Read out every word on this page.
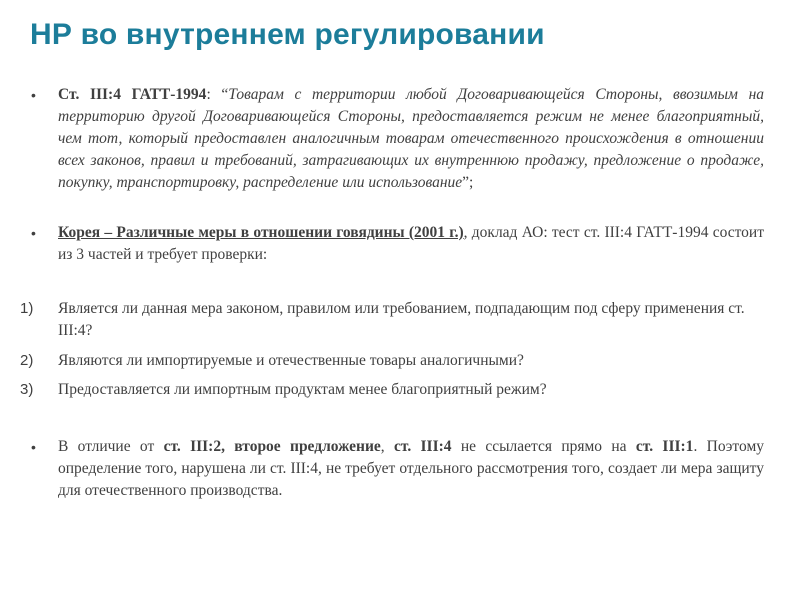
НР во внутреннем регулировании
• Ст. III:4 ГАТТ-1994: “Товарам с территории любой Договаривающейся Стороны, ввозимым на территорию другой Договаривающейся Стороны, предоставляется режим не менее благоприятный, чем тот, который предоставлен аналогичным товарам отечественного происхождения в отношении всех законов, правил и требований, затрагивающих их внутреннюю продажу, предложение о продаже, покупку, транспортировку, распределение или использование”;
• Корея – Различные меры в отношении говядины (2001 г.), доклад АО: тест ст. III:4 ГАТТ-1994 состоит из 3 частей и требует проверки:
1) Является ли данная мера законом, правилом или требованием, подпадающим под сферу применения ст. III:4?
2) Являются ли импортируемые и отечественные товары аналогичными?
3) Предоставляется ли импортным продуктам менее благоприятный режим?
• В отличие от ст. III:2, второе предложение, ст. III:4 не ссылается прямо на ст. III:1. Поэтому определение того, нарушена ли ст. III:4, не требует отдельного рассмотрения того, создает ли мера защиту для отечественного производства.
